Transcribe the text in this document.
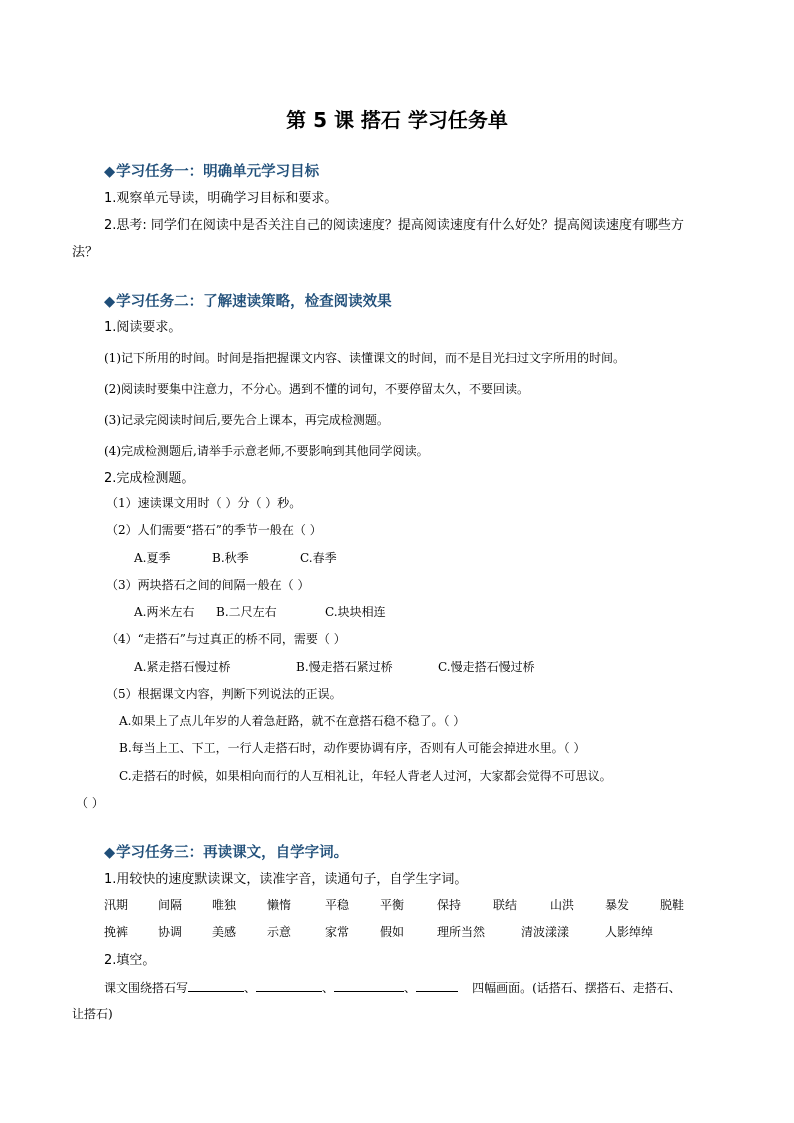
第 5 课 搭石 学习任务单
◆学习任务一：明确单元学习目标
1.观察单元导读，明确学习目标和要求。
2.思考: 同学们在阅读中是否关注自己的阅读速度？提高阅读速度有什么好处？提高阅读速度有哪些方
法？
◆学习任务二：了解速读策略，检查阅读效果
1.阅读要求。
(1)记下所用的时间。时间是指把握课文内容、读懂课文的时间，而不是目光扫过文字所用的时间。
(2)阅读时要集中注意力，不分心。遇到不懂的词句，不要停留太久，不要回读。
(3)记录完阅读时间后,要先合上课本，再完成检测题。
(4)完成检测题后,请举手示意老师,不要影响到其他同学阅读。
2.完成检测题。
（1）速读课文用时（ ）分（ ）秒。
（2）人们需要“搭石”的季节一般在（ ）
A.夏季	B.秋季	C.春季
（3）两块搭石之间的间隔一般在（ ）
A.两米左右 B.二尺左右	C.块块相连
（4）“走搭石”与过真正的桥不同，需要（ ）
A.紧走搭石慢过桥	B.慢走搭石紧过桥	C.慢走搭石慢过桥
（5）根据课文内容，判断下列说法的正误。
A.如果上了点儿年岁的人着急赶路，就不在意搭石稳不稳了。（ ）
B.每当上工、下工，一行人走搭石时，动作要协调有序，否则有人可能会掉进水里。（ ）
C.走搭石的时候，如果相向而行的人互相礼让，年轻人背老人过河，大家都会觉得不可思议。
（ ）
◆学习任务三：再读课文，自学字词。
1.用较快的速度默读课文，读准字音，读通句子，自学生字词。
汛期 间隔 唯独	懒惰	平稳	平衡	保持	联结	山洪	暴发	脱鞋
挽裤 协调 美感	示意	家常	假如	理所当然	清波漾漾	人影绰绰
2.填空。
课文围绕搭石写	、	、	、	四幅画面。(话搭石、摆搭石、走搭石、
让搭石)
